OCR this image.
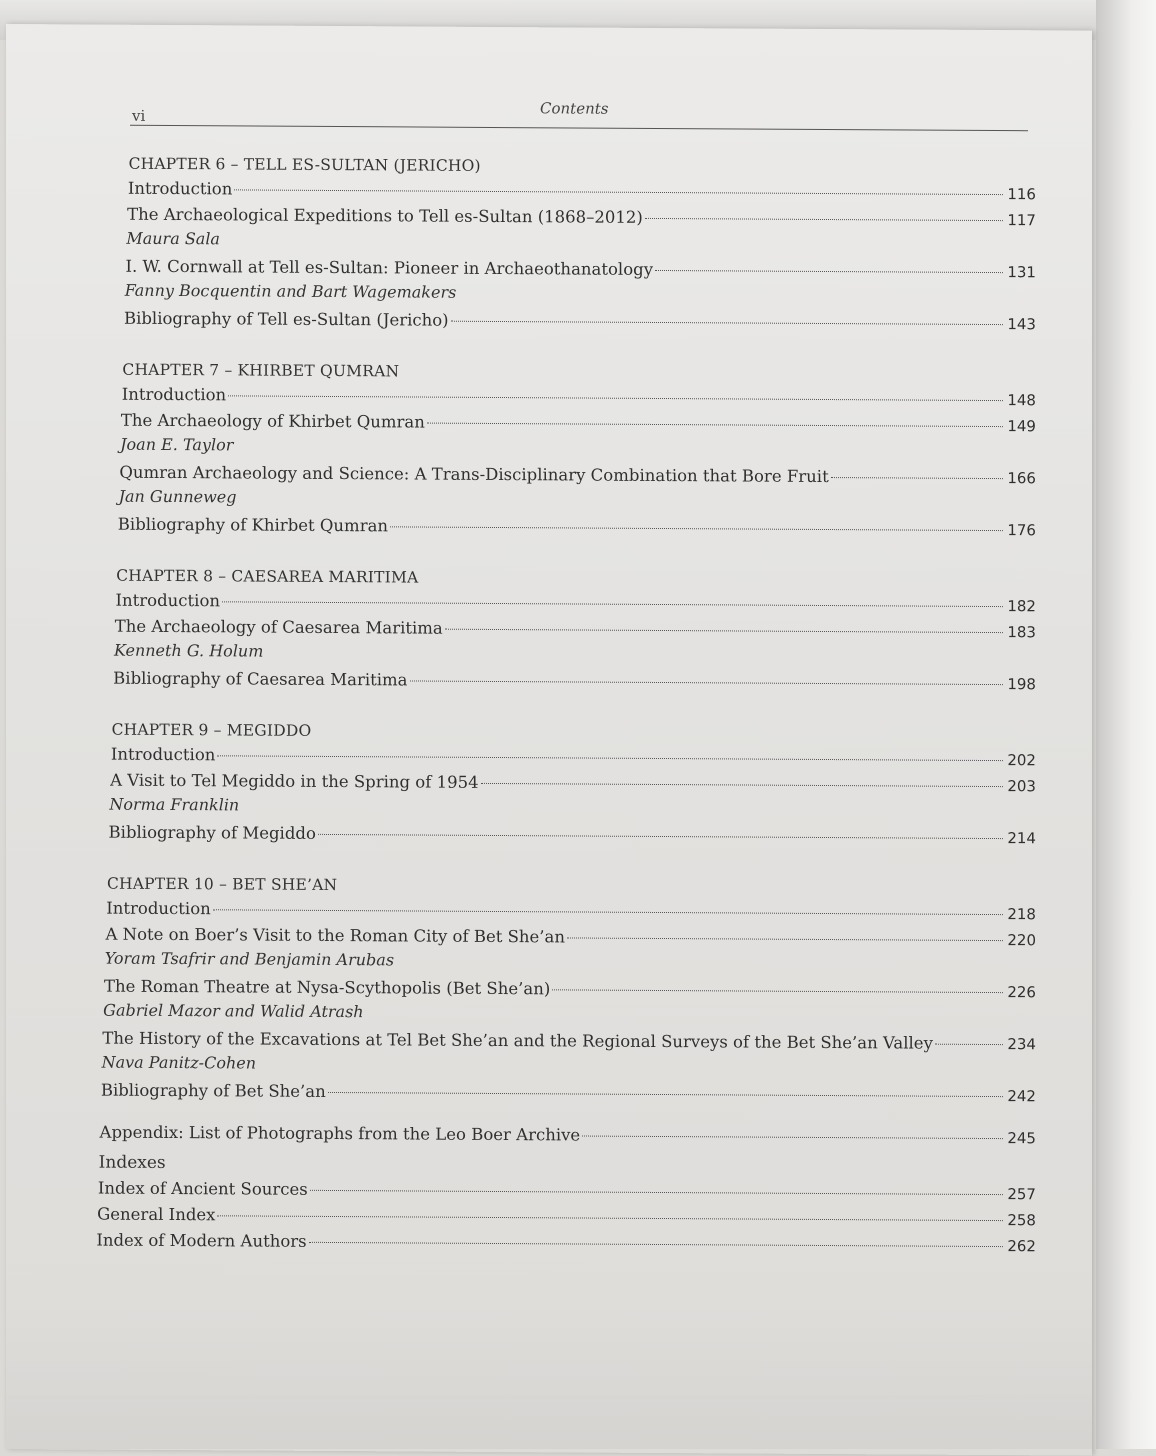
vi	Contents
CHAPTER 6 – TELL ES-SULTAN (JERICHO)
Introduction	116
The Archaeological Expeditions to Tell es-Sultan (1868–2012)	117
Maura Sala
I. W. Cornwall at Tell es-Sultan: Pioneer in Archaeothanatology	131
Fanny Bocquentin and Bart Wagemakers
Bibliography of Tell es-Sultan (Jericho)	143
CHAPTER 7 – KHIRBET QUMRAN
Introduction	148
The Archaeology of Khirbet Qumran	149
Joan E. Taylor
Qumran Archaeology and Science: A Trans-Disciplinary Combination that Bore Fruit	166
Jan Gunneweg
Bibliography of Khirbet Qumran	176
CHAPTER 8 – CAESAREA MARITIMA
Introduction	182
The Archaeology of Caesarea Maritima	183
Kenneth G. Holum
Bibliography of Caesarea Maritima	198
CHAPTER 9 – MEGIDDO
Introduction	202
A Visit to Tel Megiddo in the Spring of 1954	203
Norma Franklin
Bibliography of Megiddo	214
CHAPTER 10 – BET SHE’AN
Introduction	218
A Note on Boer’s Visit to the Roman City of Bet She’an	220
Yoram Tsafrir and Benjamin Arubas
The Roman Theatre at Nysa-Scythopolis (Bet She’an)	226
Gabriel Mazor and Walid Atrash
The History of the Excavations at Tel Bet She’an and the Regional Surveys of the Bet She’an Valley	234
Nava Panitz-Cohen
Bibliography of Bet She’an	242
Appendix: List of Photographs from the Leo Boer Archive	245
Indexes
Index of Ancient Sources	257
General Index	258
Index of Modern Authors	262
